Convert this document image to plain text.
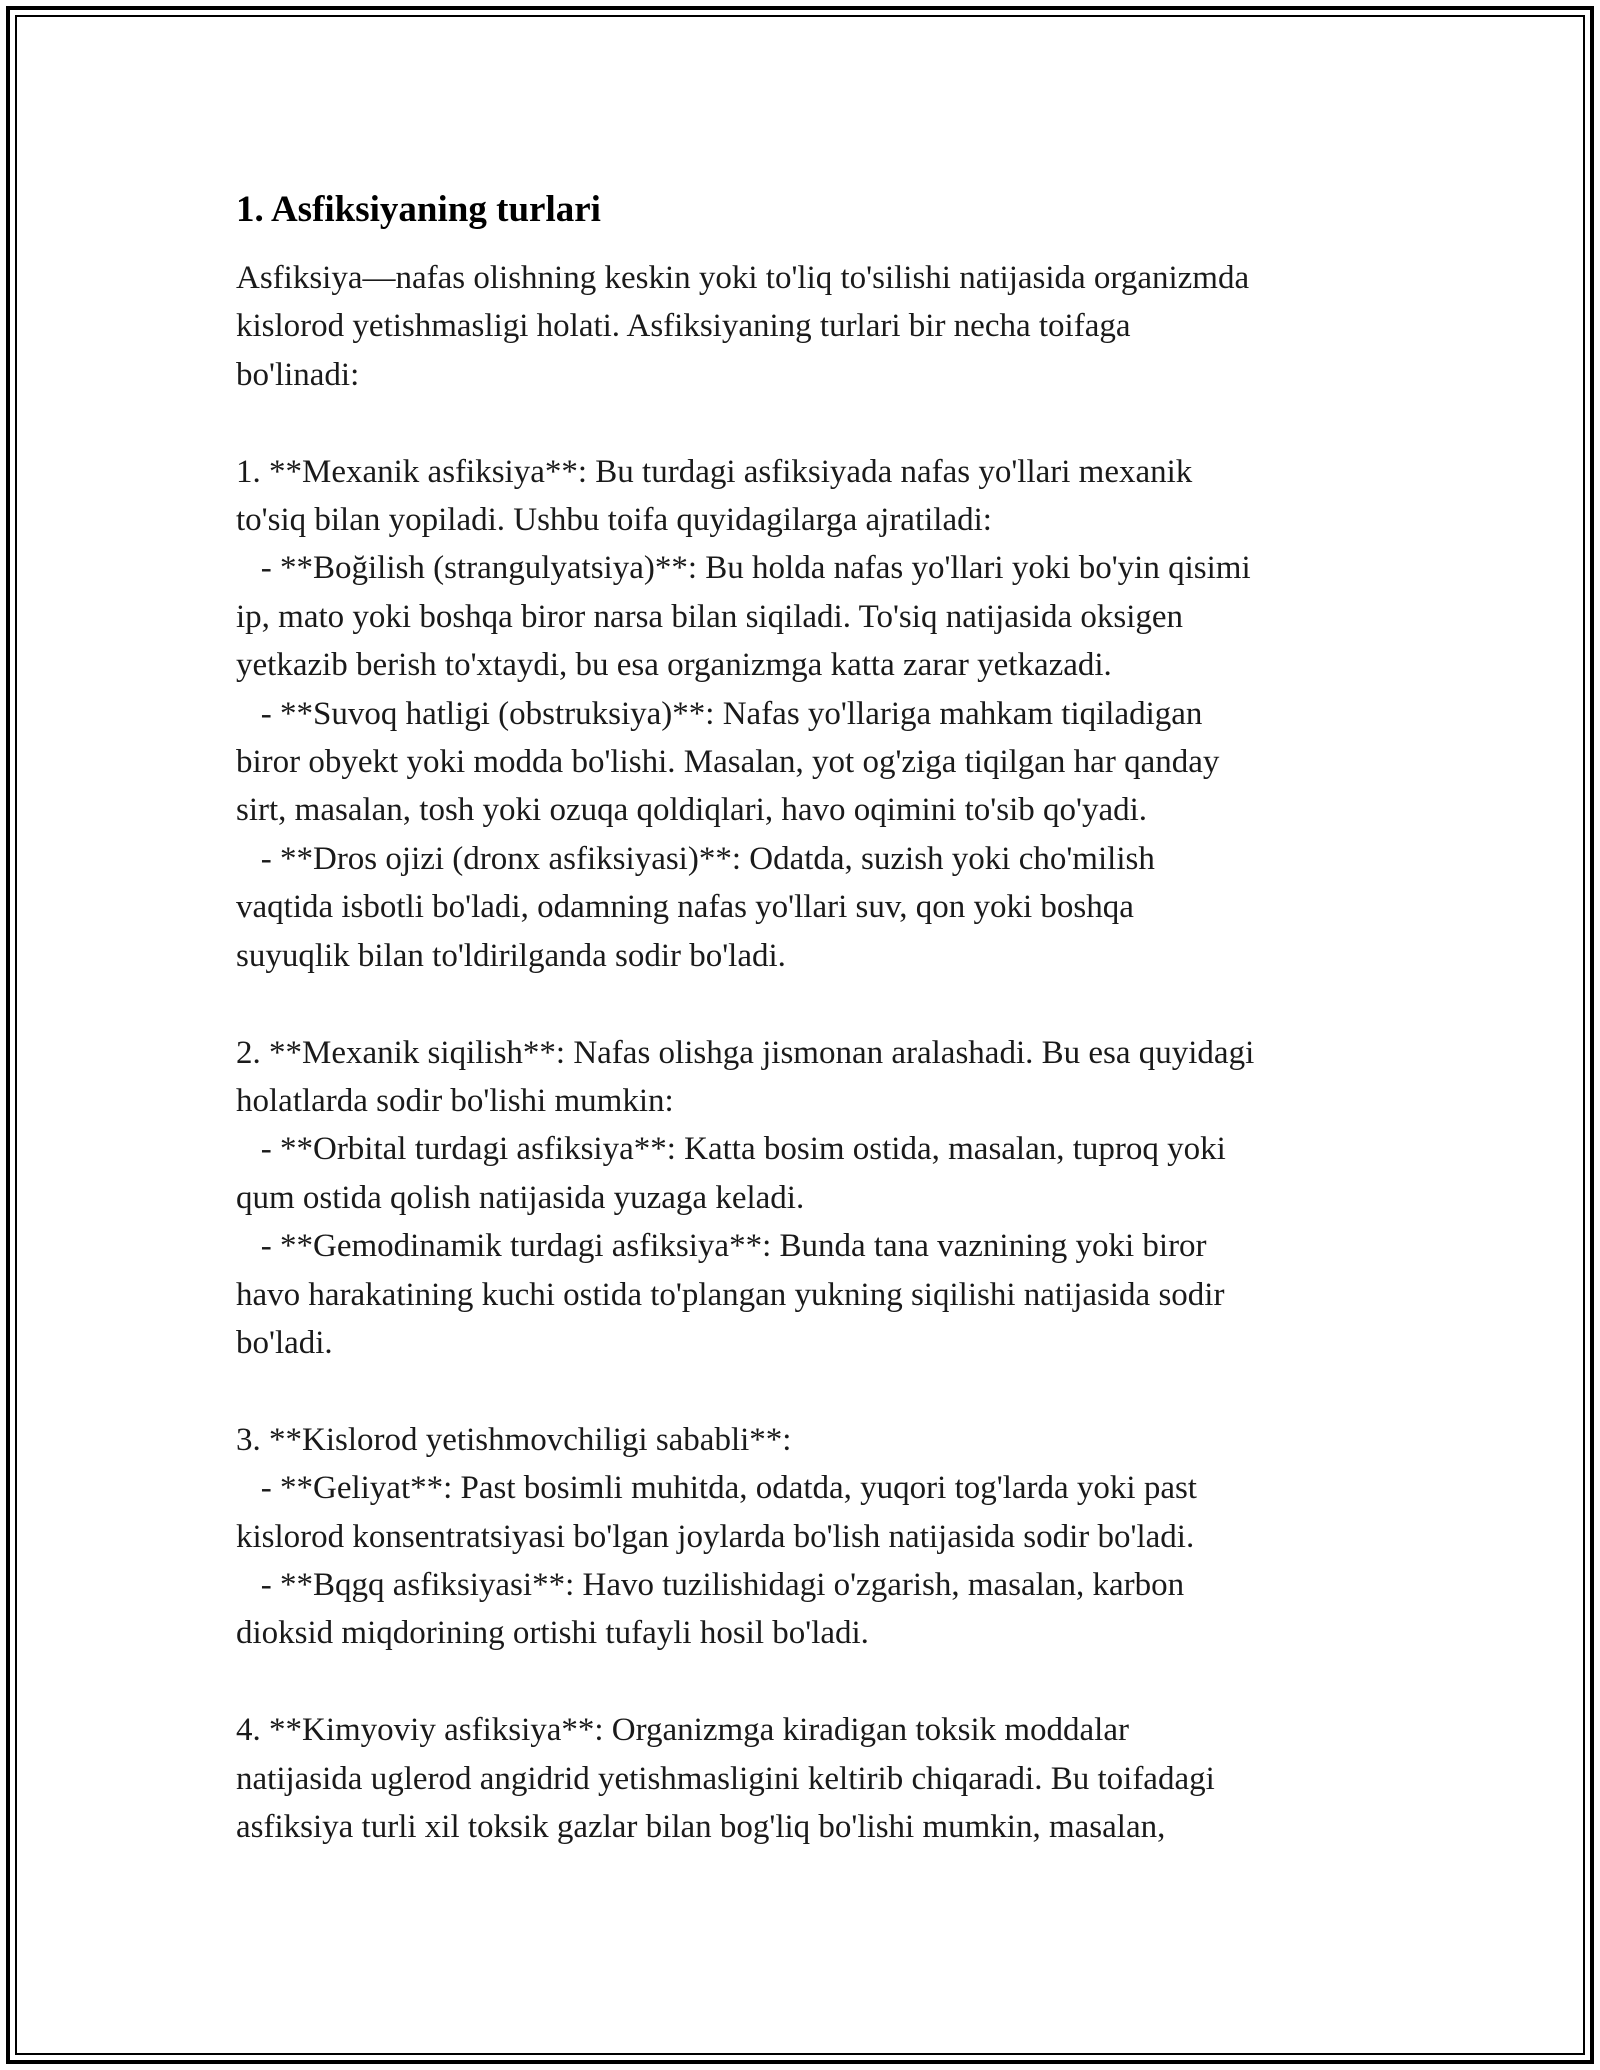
1. Asfiksiyaning turlari

Asfiksiya—nafas olishning keskin yoki to'liq to'silishi natijasida organizmda
kislorod yetishmasligi holati. Asfiksiyaning turlari bir necha toifaga
bo'linadi:

1. **Mexanik asfiksiya**: Bu turdagi asfiksiyada nafas yo'llari mexanik
to'siq bilan yopiladi. Ushbu toifa quyidagilarga ajratiladi:
- **Boğilish (strangulyatsiya)**: Bu holda nafas yo'llari yoki bo'yin qisimi
ip, mato yoki boshqa biror narsa bilan siqiladi. To'siq natijasida oksigen
yetkazib berish to'xtaydi, bu esa organizmga katta zarar yetkazadi.
- **Suvoq hatligi (obstruksiya)**: Nafas yo'llariga mahkam tiqiladigan
biror obyekt yoki modda bo'lishi. Masalan, yot og'ziga tiqilgan har qanday
sirt, masalan, tosh yoki ozuqa qoldiqlari, havo oqimini to'sib qo'yadi.
- **Dros ojizi (dronx asfiksiyasi)**: Odatda, suzish yoki cho'milish
vaqtida isbotli bo'ladi, odamning nafas yo'llari suv, qon yoki boshqa
suyuqlik bilan to'ldirilganda sodir bo'ladi.

2. **Mexanik siqilish**: Nafas olishga jismonan aralashadi. Bu esa quyidagi
holatlarda sodir bo'lishi mumkin:
- **Orbital turdagi asfiksiya**: Katta bosim ostida, masalan, tuproq yoki
qum ostida qolish natijasida yuzaga keladi.
- **Gemodinamik turdagi asfiksiya**: Bunda tana vaznining yoki biror
havo harakatining kuchi ostida to'plangan yukning siqilishi natijasida sodir
bo'ladi.

3. **Kislorod yetishmovchiligi sababli**:
- **Geliyat**: Past bosimli muhitda, odatda, yuqori tog'larda yoki past
kislorod konsentratsiyasi bo'lgan joylarda bo'lish natijasida sodir bo'ladi.
- **Bqgq asfiksiyasi**: Havo tuzilishidagi o'zgarish, masalan, karbon
dioksid miqdorining ortishi tufayli hosil bo'ladi.

4. **Kimyoviy asfiksiya**: Organizmga kiradigan toksik moddalar
natijasida uglerod angidrid yetishmasligini keltirib chiqaradi. Bu toifadagi
asfiksiya turli xil toksik gazlar bilan bog'liq bo'lishi mumkin, masalan,
